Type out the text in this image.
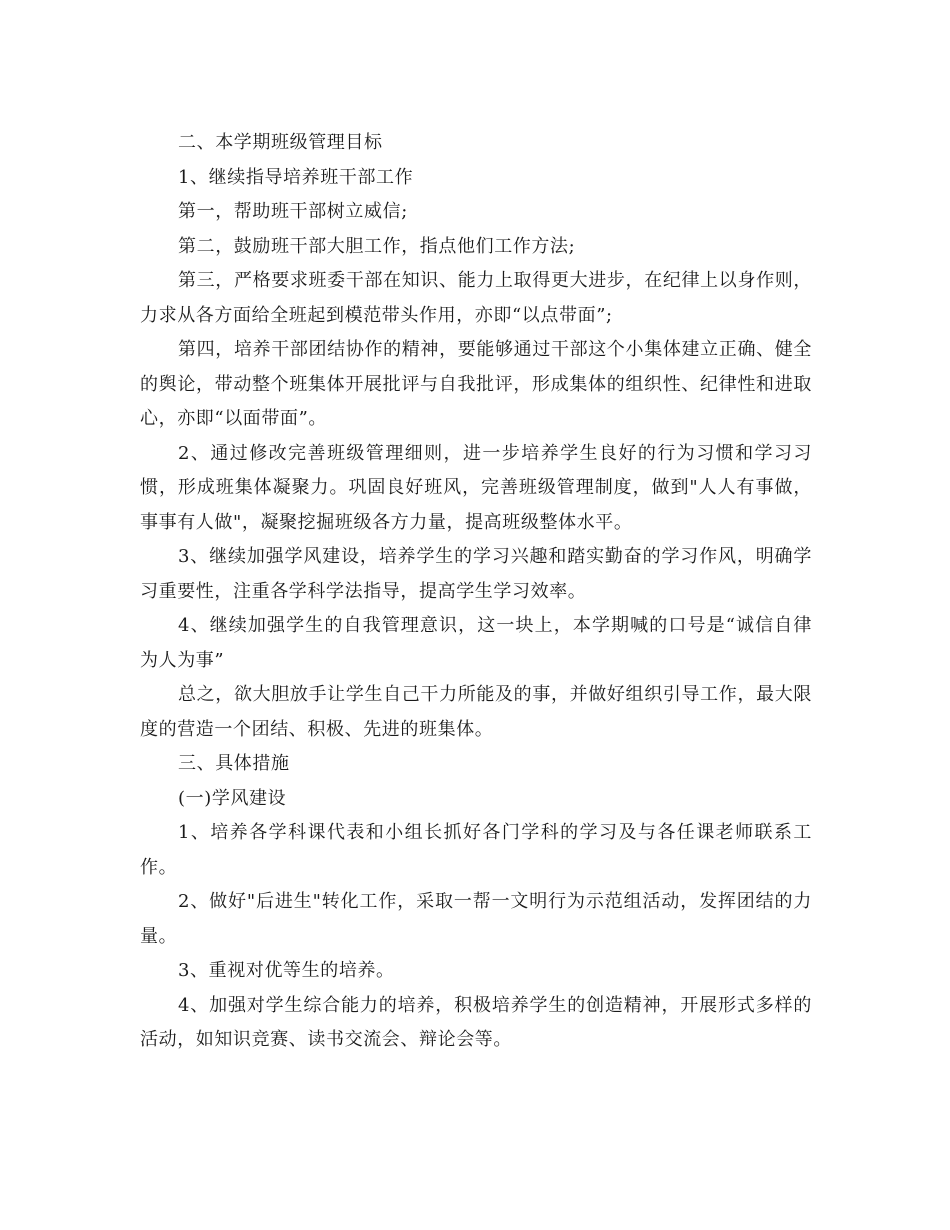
二、本学期班级管理目标

1、继续指导培养班干部工作

第一，帮助班干部树立威信;

第二，鼓励班干部大胆工作，指点他们工作方法;

第三，严格要求班委干部在知识、能力上取得更大进步，在纪律上以身作则，力求从各方面给全班起到模范带头作用，亦即“以点带面”;

第四，培养干部团结协作的精神，要能够通过干部这个小集体建立正确、健全的舆论，带动整个班集体开展批评与自我批评，形成集体的组织性、纪律性和进取心，亦即“以面带面”。

2、通过修改完善班级管理细则，进一步培养学生良好的行为习惯和学习习惯，形成班集体凝聚力。巩固良好班风，完善班级管理制度，做到"人人有事做，事事有人做"，凝聚挖掘班级各方力量，提高班级整体水平。

3、继续加强学风建设，培养学生的学习兴趣和踏实勤奋的学习作风，明确学习重要性，注重各学科学法指导，提高学生学习效率。

4、继续加强学生的自我管理意识，这一块上，本学期喊的口号是“诚信自律为人为事”

总之，欲大胆放手让学生自己干力所能及的事，并做好组织引导工作，最大限度的营造一个团结、积极、先进的班集体。

三、具体措施

(一)学风建设

1、培养各学科课代表和小组长抓好各门学科的学习及与各任课老师联系工作。

2、做好"后进生"转化工作，采取一帮一文明行为示范组活动，发挥团结的力量。

3、重视对优等生的培养。

4、加强对学生综合能力的培养，积极培养学生的创造精神，开展形式多样的活动，如知识竞赛、读书交流会、辩论会等。
